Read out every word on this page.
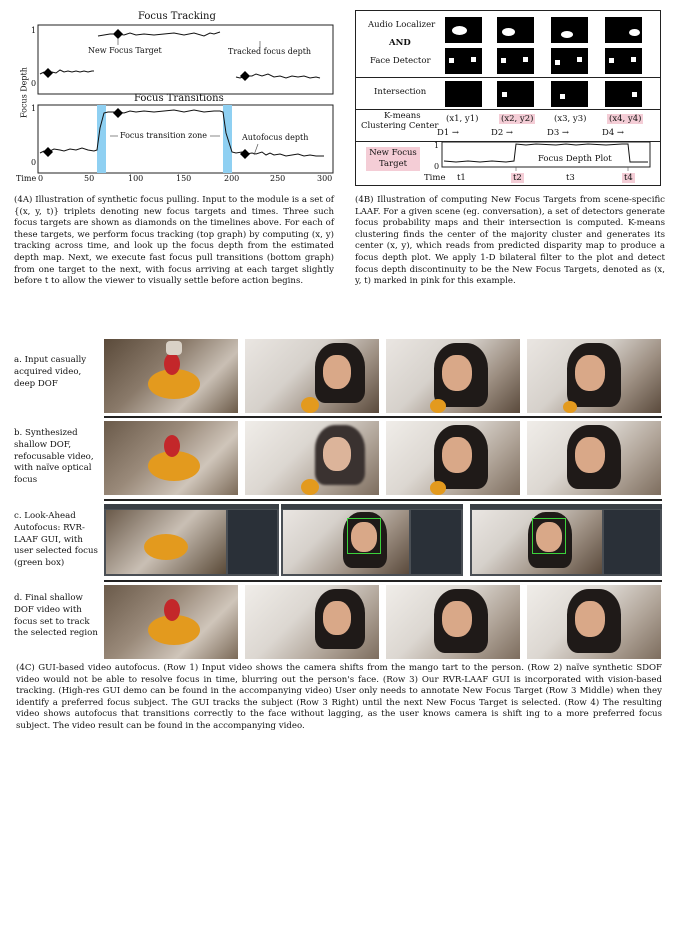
Focus Tracking
Focus Transitions
Focus Depth
1
0
1
0
New Focus Target	Tracked focus depth
Focus transition zone	Autofocus depth
Time 0	50	100	150	200	250	300
(4A) Illustration of synthetic focus pulling. Input to the module is a set of {(x, y, t)} triplets denoting new focus targets and times. Three such focus targets are shown as diamonds on the timelines above. For each of these targets, we perform focus tracking (top graph) by computing (x, y) tracking across time, and look up the focus depth from the estimated depth map. Next, we execute fast focus pull transitions (bottom graph) from one target to the next, with focus arriving at each target slightly before t to allow the viewer to visually settle before action begins.
Audio Localizer
AND
Face Detector
Intersection
K-means
Clustering Center
(x1, y1)	(x2, y2) (x3, y3)	(x4, y4)
D1 →	D2 →	D3 →	D4 →
New Focus Target
1
0
Focus Depth Plot
Time t1	t2	t3	t4
(4B) Illustration of computing New Focus Targets from scene-specific LAAF. For a given scene (eg. conversation), a set of detectors generate focus probability maps and their intersection is computed. K-means clustering finds the center of the majority cluster and generates its center (x, y), which reads from predicted disparity map to produce a focus depth plot. We apply 1-D bilateral filter to the plot and detect focus depth discontinuity to be the New Focus Targets, denoted as (x, y, t) marked in pink for this example.
a. Input casually acquired video, deep DOF
b. Synthesized shallow DOF, refocusable video, with naïve optical focus
c. Look-Ahead Autofocus: RVR-LAAF GUI, with user selected focus (green box)
d. Final shallow DOF video with focus set to track the selected region
(4C) GUI-based video autofocus. (Row 1) Input video shows the camera shifts from the mango tart to the person. (Row 2) naïve synthetic SDOF video would not be able to resolve focus in time, blurring out the person's face. (Row 3) Our RVR-LAAF GUI is incorporated with vision-based tracking. (High-res GUI demo can be found in the accompanying video) User only needs to annotate New Focus Target (Row 3 Middle) when they identify a preferred focus subject. The GUI tracks the subject (Row 3 Right) until the next New Focus Target is selected. (Row 4) The resulting video shows autofocus that transitions correctly to the face without lagging, as the user knows camera is shift ing to a more preferred focus subject. The video result can be found in the accompanying video.
